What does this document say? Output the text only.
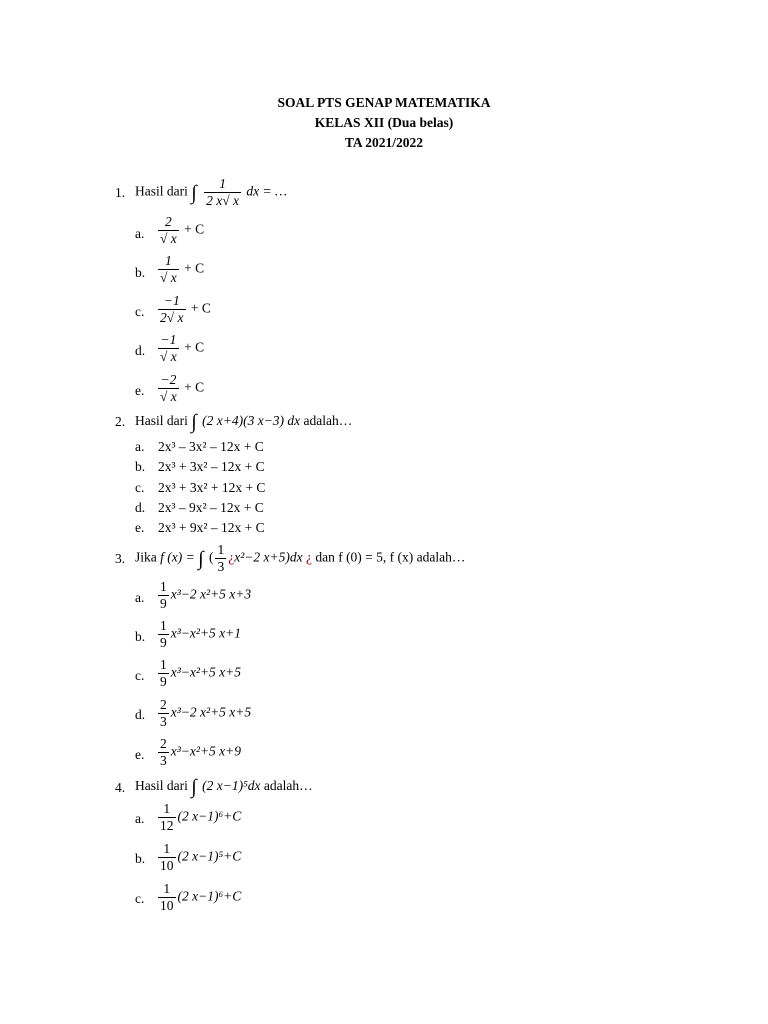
SOAL PTS GENAP MATEMATIKA
KELAS XII (Dua belas)
TA 2021/2022
1. Hasil dari ∫ $\frac{1}{2 x√ x}$ dx = …
a. $\frac{2}{√ x} + C$
b. $\frac{1}{√ x} + C$
c. $\frac{-1}{2√ x} + C$
d. $\frac{-1}{√ x} + C$
e. $\frac{-2}{√ x} + C$
2. Hasil dari ∫ (2 x+4)(3 x−3) dx adalah…
a. 2x³ – 3x² – 12x + C
b. 2x³ + 3x² – 12x + C
c. 2x³ + 3x² + 12x + C
d. 2x³ – 9x² – 12x + C
e. 2x³ + 9x² – 12x + C
3. Jika f (x) = ∫ ( $\frac{1}{3}$ ¿x²−2 x+5)dx ¿ dan f (0) = 5, f (x) adalah…
a. $\frac{1}{9} x^3-2$ x²+5 x+3
b. $\frac{1}{9} x^3-x^2+5$ x+1
c. $\frac{1}{9} x^3-x^2+5$ x+5
d. $\frac{2}{3} x^3-2$ x²+5 x+5
e. $\frac{2}{3} x^3-x^2+5$ x+9
4. Hasil dari ∫ (2 x−1)⁵dx adalah…
a. $\frac{1}{12} (2$ x−1)⁶+C
b. $\frac{1}{10} (2$ x−1)⁵+C
c. $\frac{1}{10} (2$ x−1)⁶+C
